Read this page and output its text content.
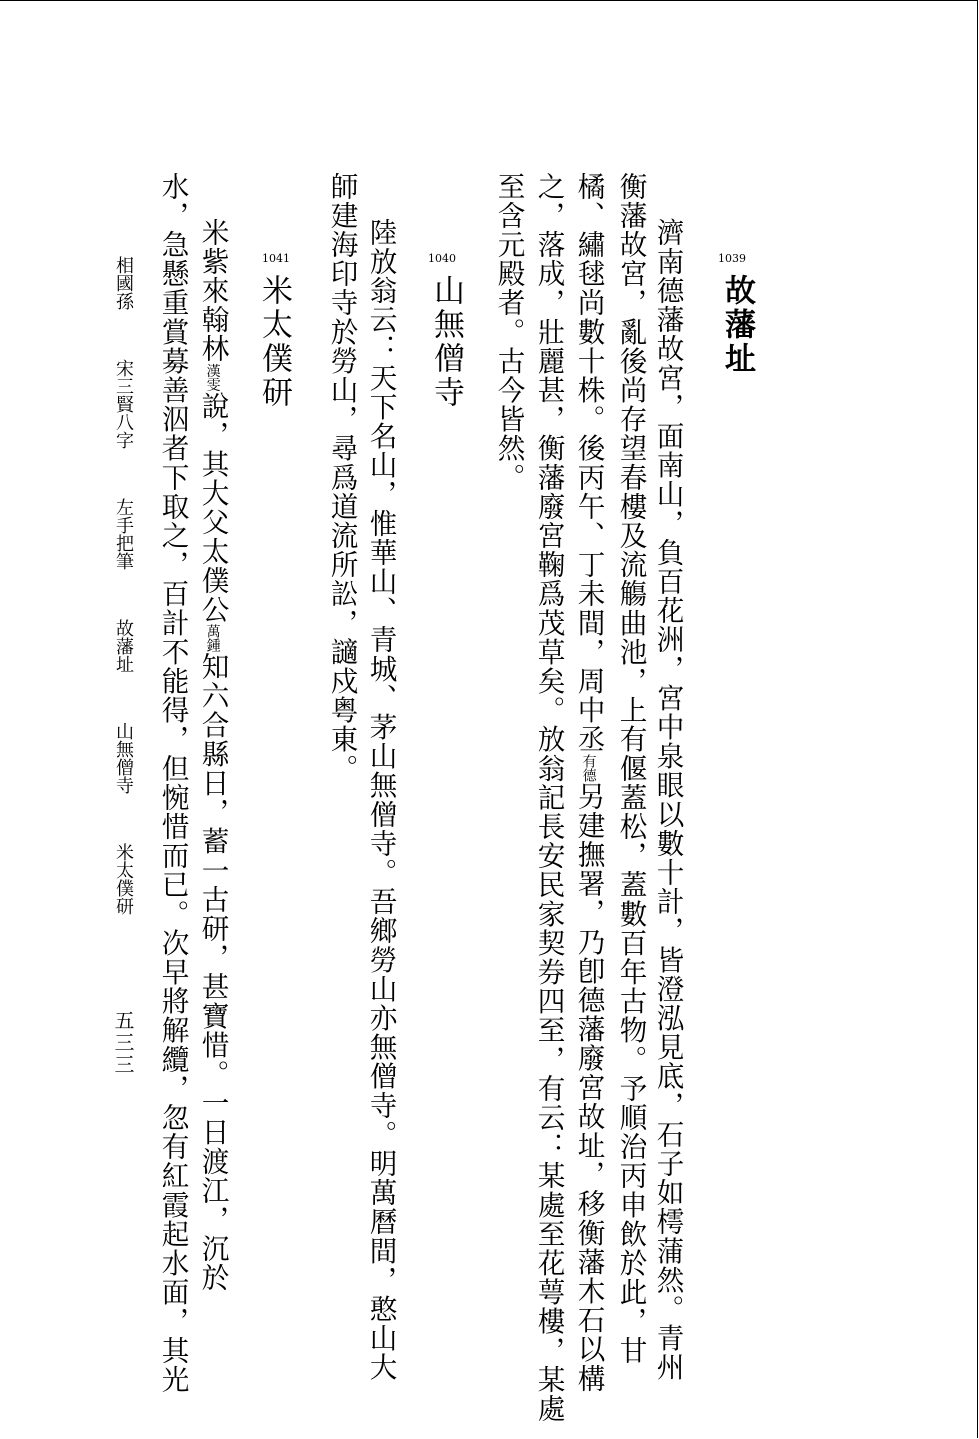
1039
故藩址
濟南德藩故宮，面南山，負百花洲，宮中泉眼以數十計，皆澄泓見底，石子如樗蒲然。青州
衡藩故宮，亂後尚存望春樓及流觴曲池，上有偃蓋松，蓋數百年古物。予順治丙申飲於此，甘
橘、繡毬尚數十株。後丙午、丁未間，周中丞有德另建撫署，乃卽德藩廢宮故址，移衡藩木石以構
之，落成，壯麗甚，衡藩廢宮鞠爲茂草矣。放翁記長安民家契券四至，有云：某處至花萼樓，某處
至含元殿者。古今皆然。
1040
山無僧寺
陸放翁云：天下名山，惟華山、青城、茅山無僧寺。吾鄉勞山亦無僧寺。明萬曆間，憨山大
師建海印寺於勞山，尋爲道流所訟，讁戍粤東。
1041
米太僕研
米紫來翰林漢雯說，其大父太僕公萬鍾知六合縣日，蓄一古研，甚寶惜。一日渡江，沉於
水，急懸重賞募善泅者下取之，百計不能得，但惋惜而已。次早將解纜，忽有紅霞起水面，其光
相國孫 宋三賢八字 左手把筆 故藩址 山無僧寺 米太僕研
五三三
